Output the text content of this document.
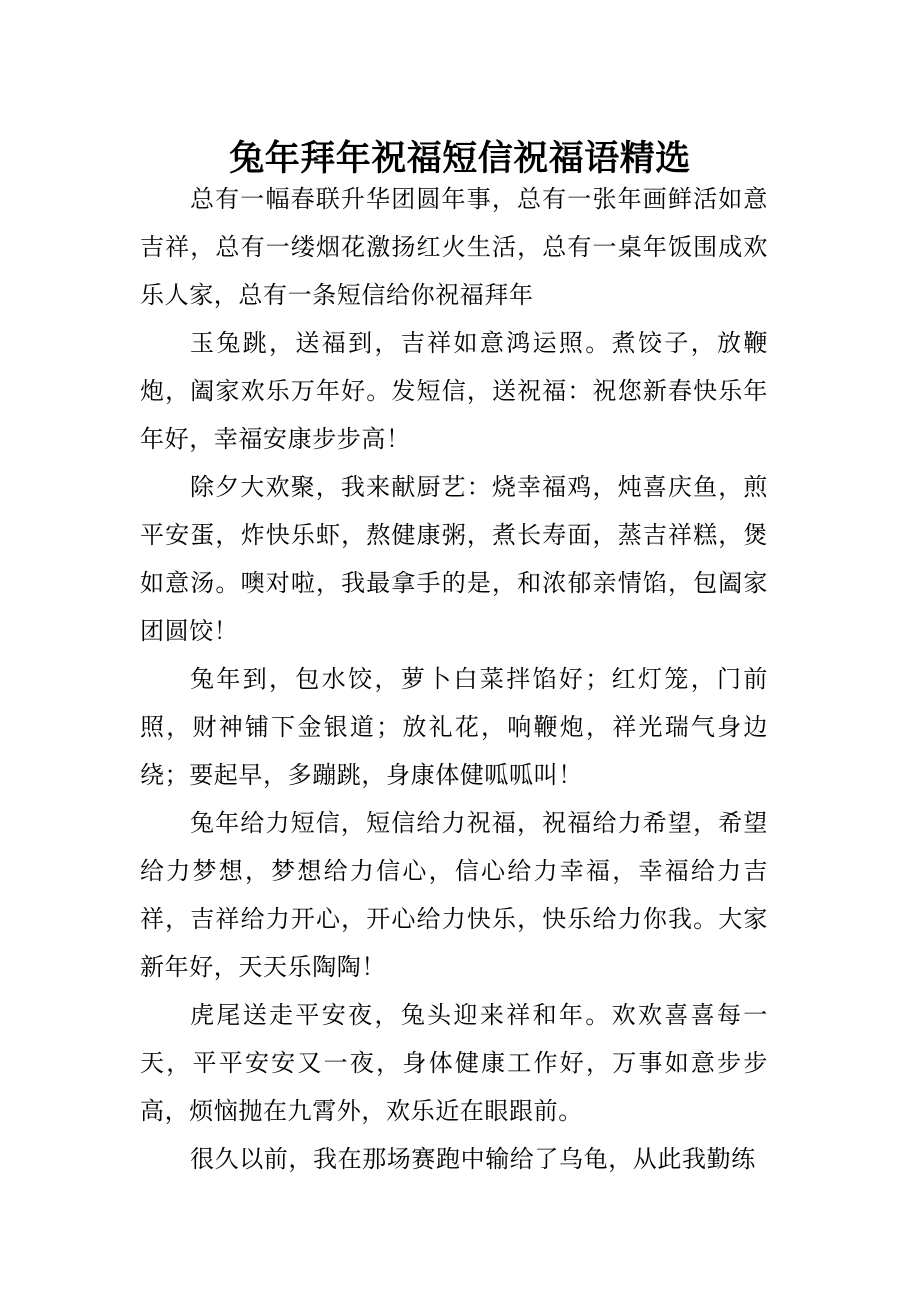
兔年拜年祝福短信祝福语精选

总有一幅春联升华团圆年事，总有一张年画鲜活如意吉祥，总有一缕烟花激扬红火生活，总有一桌年饭围成欢乐人家，总有一条短信给你祝福拜年

玉兔跳，送福到，吉祥如意鸿运照。煮饺子，放鞭炮，阖家欢乐万年好。发短信，送祝福：祝您新春快乐年年好，幸福安康步步高！

除夕大欢聚，我来献厨艺：烧幸福鸡，炖喜庆鱼，煎平安蛋，炸快乐虾，熬健康粥，煮长寿面，蒸吉祥糕，煲如意汤。噢对啦，我最拿手的是，和浓郁亲情馅，包阖家团圆饺！

兔年到，包水饺，萝卜白菜拌馅好；红灯笼，门前照，财神铺下金银道；放礼花，响鞭炮，祥光瑞气身边绕；要起早，多蹦跳，身康体健呱呱叫！

兔年给力短信，短信给力祝福，祝福给力希望，希望给力梦想，梦想给力信心，信心给力幸福，幸福给力吉祥，吉祥给力开心，开心给力快乐，快乐给力你我。大家新年好，天天乐陶陶！

虎尾送走平安夜，兔头迎来祥和年。欢欢喜喜每一天，平平安安又一夜，身体健康工作好，万事如意步步高，烦恼抛在九霄外，欢乐近在眼跟前。

很久以前，我在那场赛跑中输给了乌龟，从此我勤练
